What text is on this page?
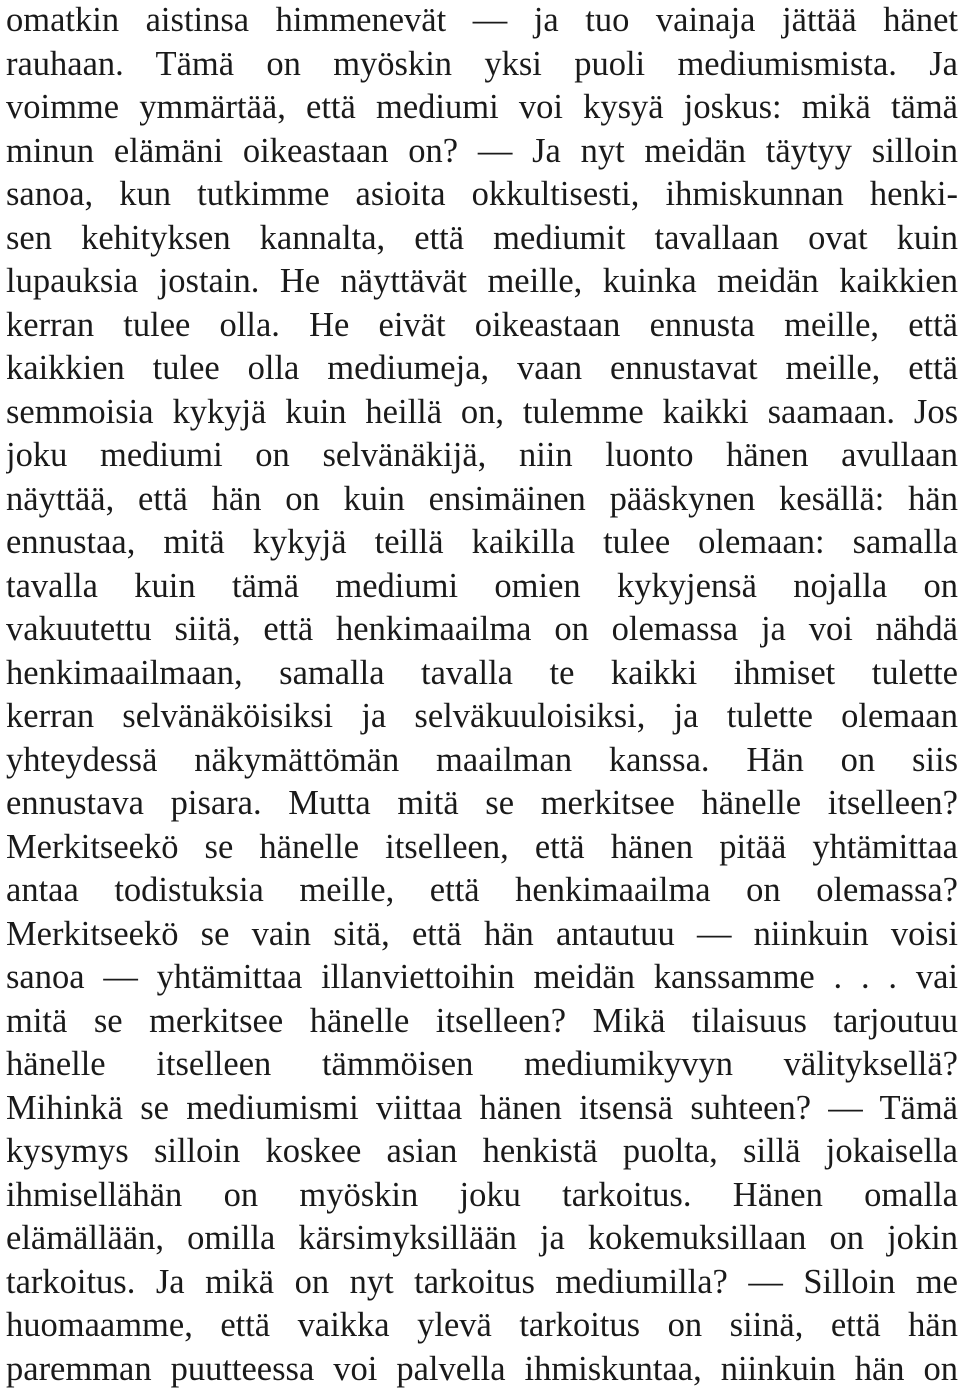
omatkin aistinsa himmenevät — ja tuo vainaja jättää hänet
rauhaan. Tämä on myöskin yksi puoli mediumismista. Ja
voimme ymmärtää, että mediumi voi kysyä joskus: mikä tämä
minun elämäni oikeastaan on? — Ja nyt meidän täytyy silloin
sanoa, kun tutkimme asioita okkultisesti, ihmiskunnan henki-
sen kehityksen kannalta, että mediumit tavallaan ovat kuin
lupauksia jostain. He näyttävät meille, kuinka meidän kaikkien
kerran tulee olla. He eivät oikeastaan ennusta meille, että
kaikkien tulee olla mediumeja, vaan ennustavat meille, että
semmoisia kykyjä kuin heillä on, tulemme kaikki saamaan. Jos
joku mediumi on selvänäkijä, niin luonto hänen avullaan
näyttää, että hän on kuin ensimäinen pääskynen kesällä: hän
ennustaa, mitä kykyjä teillä kaikilla tulee olemaan: samalla
tavalla kuin tämä mediumi omien kykyjensä nojalla on
vakuutettu siitä, että henkimaailma on olemassa ja voi nähdä
henkimaailmaan, samalla tavalla te kaikki ihmiset tulette
kerran selvänäköisiksi ja selväkuuloisiksi, ja tulette olemaan
yhteydessä näkymättömän maailman kanssa. Hän on siis
ennustava pisara. Mutta mitä se merkitsee hänelle itselleen?
Merkitseekö se hänelle itselleen, että hänen pitää yhtämittaa
antaa todistuksia meille, että henkimaailma on olemassa?
Merkitseekö se vain sitä, että hän antautuu — niinkuin voisi
sanoa — yhtämittaa illanviettoihin meidän kanssamme . . . vai
mitä se merkitsee hänelle itselleen? Mikä tilaisuus tarjoutuu
hänelle itselleen tämmöisen mediumikyvyn välityksellä?
Mihinkä se mediumismi viittaa hänen itsensä suhteen? — Tämä
kysymys silloin koskee asian henkistä puolta, sillä jokaisella
ihmisellähän on myöskin joku tarkoitus. Hänen omalla
elämällään, omilla kärsimyksillään ja kokemuksillaan on jokin
tarkoitus. Ja mikä on nyt tarkoitus mediumilla? — Silloin me
huomaamme, että vaikka ylevä tarkoitus on siinä, että hän
paremman puutteessa voi palvella ihmiskuntaa, niinkuin hän on
